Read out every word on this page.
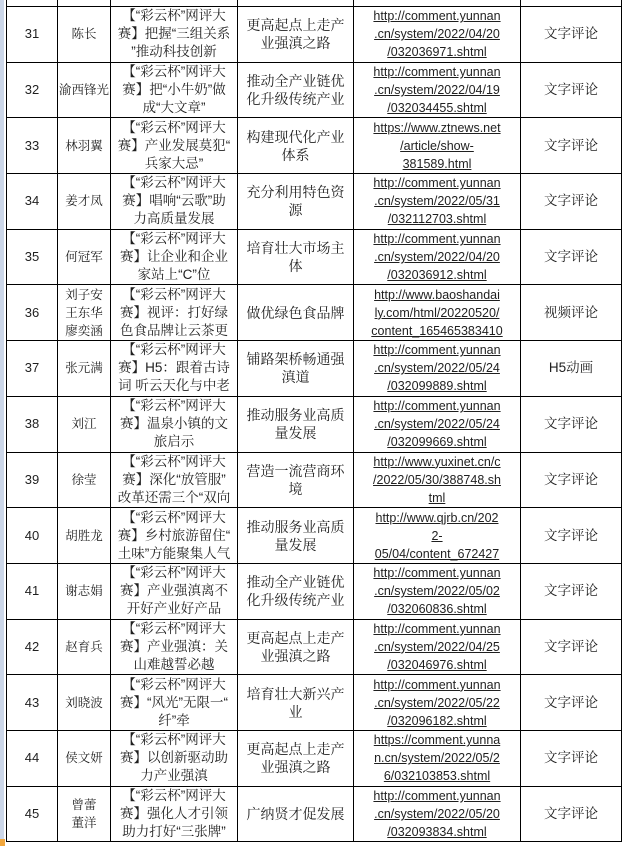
31	陈长	【“彩云杯”网评大
赛】把握“三组关系
”推动科技创新	更高起点上走产
业强滇之路	http://comment.yunnan
.cn/system/2022/04/20
/032036971.shtml	文字评论
32	渝西锋光	【“彩云杯”网评大
赛】把“小牛奶”做
成“大文章”	推动全产业链优
化升级传统产业	http://comment.yunnan
.cn/system/2022/04/19
/032034455.shtml	文字评论
33	林羽翼	【“彩云杯”网评大
赛】产业发展莫犯“
兵家大忌”	构建现代化产业
体系	https://www.ztnews.net
/article/show-
381589.html	文字评论
34	姜才凤	【“彩云杯”网评大
赛】唱响“云歌”助
力高质量发展	充分利用特色资
源	http://comment.yunnan
.cn/system/2022/05/31
/032112703.shtml	文字评论
35	何冠军	【“彩云杯”网评大
赛】让企业和企业
家站上“C”位	培育壮大市场主
体	http://comment.yunnan
.cn/system/2022/04/20
/032036912.shtml	文字评论
36	刘子安
王东华
廖奕涵	【“彩云杯”网评大
赛】视评：打好绿
色食品牌让云茶更	做优绿色食品牌	http://www.baoshandai
ly.com/html/20220520/
content_165465383410	视频评论
37	张元满	【“彩云杯”网评大
赛】H5：跟着古诗
词 听云天化与中老	铺路架桥畅通强
滇道	http://comment.yunnan
.cn/system/2022/05/24
/032099889.shtml	H5动画
38	刘江	【“彩云杯”网评大
赛】温泉小镇的文
旅启示	推动服务业高质
量发展	http://comment.yunnan
.cn/system/2022/05/24
/032099669.shtml	文字评论
39	徐莹	【“彩云杯”网评大
赛】深化“放管服”
改革还需三个“双向	营造一流营商环
境	http://www.yuxinet.cn/c
/2022/05/30/388748.sh
tml	文字评论
40	胡胜龙	【“彩云杯”网评大
赛】乡村旅游留住“
土味”方能聚集人气	推动服务业高质
量发展	http://www.qjrb.cn/202
2-
05/04/content_672427	文字评论
41	谢志娟	【“彩云杯”网评大
赛】产业强滇离不
开好产业好产品	推动全产业链优
化升级传统产业	http://comment.yunnan
.cn/system/2022/05/02
/032060836.shtml	文字评论
42	赵育兵	【“彩云杯”网评大
赛】产业强滇：关
山难越誓必越	更高起点上走产
业强滇之路	http://comment.yunnan
.cn/system/2022/04/25
/032046976.shtml	文字评论
43	刘晓波	【“彩云杯”网评大
赛】“风光”无限一“
纤”牵	培育壮大新兴产
业	http://comment.yunnan
.cn/system/2022/05/22
/032096182.shtml	文字评论
44	侯文妍	【“彩云杯”网评大
赛】以创新驱动助
力产业强滇	更高起点上走产
业强滇之路	https://comment.yunna
n.cn/system/2022/05/2
6/032103853.shtml	文字评论
45	曾蕾
董洋	【“彩云杯”网评大
赛】强化人才引领
助力打好“三张牌”	广纳贤才促发展	http://comment.yunnan
.cn/system/2022/05/20
/032093834.shtml	文字评论
